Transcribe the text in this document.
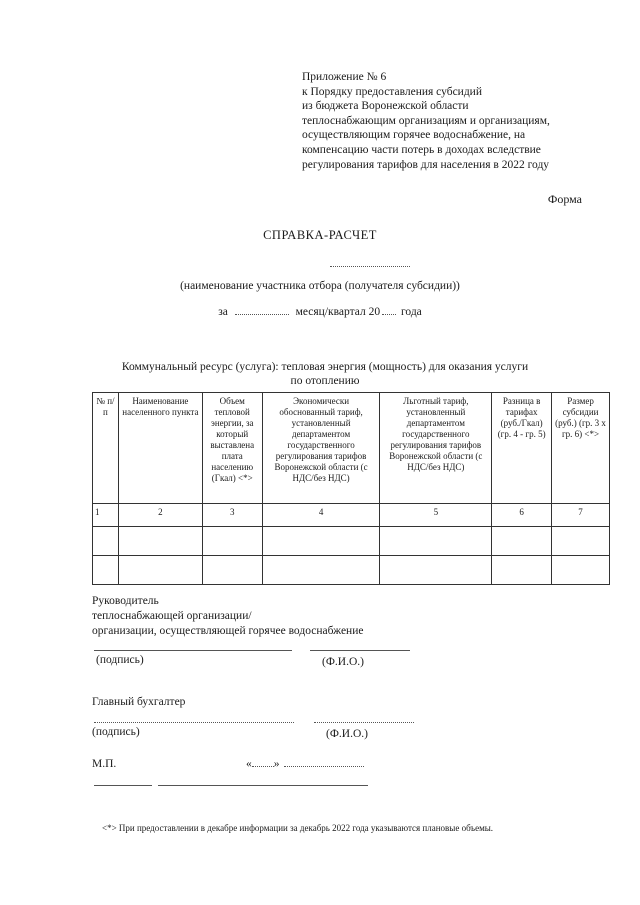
Приложение № 6
к Порядку предоставления субсидий
из бюджета Воронежской области
теплоснабжающим организациям и организациям,
осуществляющим горячее водоснабжение, на
компенсацию части потерь в доходах вследствие
регулирования тарифов для населения в 2022 году
Форма
СПРАВКА-РАСЧЕТ
(наименование участника отбора (получателя субсидии))
за	месяц/квартал 20 года
Коммунальный ресурс (услуга): тепловая энергия (мощность) для оказания услуги по отоплению
№ п/п	Наименование населенного пункта	Объем тепловой энергии, за который выставлена плата населению (Гкал) <*>	Экономически обоснованный тариф, установленный департаментом государственного регулирования тарифов Воронежской области (с НДС/без НДС)	Льготный тариф, установленный департаментом государственного регулирования тарифов Воронежской области (с НДС/без НДС)	Разница в тарифах (руб./Гкал) (гр. 4 - гр. 5)	Размер субсидии (руб.) (гр. 3 x гр. 6) <*>
1	2	3	4	5	6	7

Руководитель
теплоснабжающей организации/
организации, осуществляющей горячее водоснабжение
(подпись)	(Ф.И.О.)
Главный бухгалтер
(подпись)	(Ф.И.О.)
М.П.	« »
<*> При предоставлении в декабре информации за декабрь 2022 года указываются плановые объемы.
